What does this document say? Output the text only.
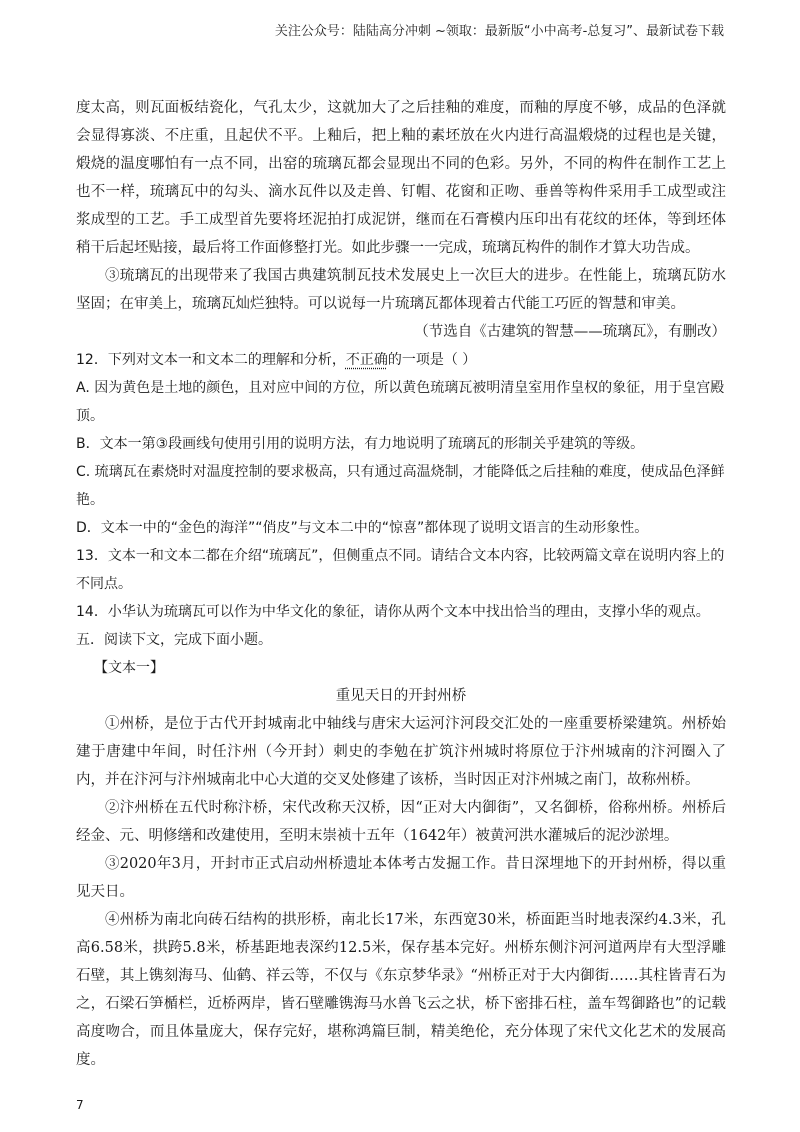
关注公众号：陆陆高分冲刺 ~领取：最新版“小中高考-总复习”、最新试卷下载

度太高，则瓦面板结瓷化，气孔太少，这就加大了之后挂釉的难度，而釉的厚度不够，成品的色泽就会显得寡淡、不庄重，且起伏不平。上釉后，把上釉的素坯放在火内进行高温煅烧的过程也是关键，煅烧的温度哪怕有一点不同，出窑的琉璃瓦都会显现出不同的色彩。另外，不同的构件在制作工艺上也不一样，琉璃瓦中的勾头、滴水瓦件以及走兽、钉帽、花窗和正吻、垂兽等构件采用手工成型或注浆成型的工艺。手工成型首先要将坯泥拍打成泥饼，继而在石膏模内压印出有花纹的坯体，等到坯体稍干后起坯贴接，最后将工作面修整打光。如此步骤一一完成，琉璃瓦构件的制作才算大功告成。

③琉璃瓦的出现带来了我国古典建筑制瓦技术发展史上一次巨大的进步。在性能上，琉璃瓦防水坚固；在审美上，琉璃瓦灿烂独特。可以说每一片琉璃瓦都体现着古代能工巧匠的智慧和审美。

（节选自《古建筑的智慧——琉璃瓦》，有删改）

12．下列对文本一和文本二的理解和分析，不正确的一项是（ ）

A. 因为黄色是土地的颜色，且对应中间的方位，所以黄色琉璃瓦被明清皇室用作皇权的象征，用于皇宫殿顶。

B．文本一第③段画线句使用引用的说明方法，有力地说明了琉璃瓦的形制关乎建筑的等级。

C. 琉璃瓦在素烧时对温度控制的要求极高，只有通过高温烧制，才能降低之后挂釉的难度，使成品色泽鲜艳。

D．文本一中的“金色的海洋”“俏皮”与文本二中的“惊喜”都体现了说明文语言的生动形象性。

13．文本一和文本二都在介绍“琉璃瓦”，但侧重点不同。请结合文本内容，比较两篇文章在说明内容上的不同点。

14．小华认为琉璃瓦可以作为中华文化的象征，请你从两个文本中找出恰当的理由，支撑小华的观点。

五．阅读下文，完成下面小题。

【文本一】

重见天日的开封州桥

①州桥，是位于古代开封城南北中轴线与唐宋大运河汴河段交汇处的一座重要桥梁建筑。州桥始建于唐建中年间，时任汴州（今开封）刺史的李勉在扩筑汴州城时将原位于汴州城南的汴河圈入了内，并在汴河与汴州城南北中心大道的交叉处修建了该桥，当时因正对汴州城之南门，故称州桥。

②汴州桥在五代时称汴桥，宋代改称天汉桥，因“正对大内御街”，又名御桥，俗称州桥。州桥后经金、元、明修缮和改建使用，至明末崇祯十五年（1642年）被黄河洪水灌城后的泥沙淤埋。

③2020年3月，开封市正式启动州桥遗址本体考古发掘工作。昔日深埋地下的开封州桥，得以重见天日。

④州桥为南北向砖石结构的拱形桥，南北长17米，东西宽30米，桥面距当时地表深约4.3米，孔高6.58米，拱跨5.8米，桥基距地表深约12.5米，保存基本完好。州桥东侧汴河河道两岸有大型浮雕石壁，其上镌刻海马、仙鹤、祥云等，不仅与《东京梦华录》“州桥正对于大内御街……其柱皆青石为之，石梁石笋楯栏，近桥两岸，皆石壁雕镌海马水兽飞云之状，桥下密排石柱，盖车驾御路也”的记载高度吻合，而且体量庞大，保存完好，堪称鸿篇巨制，精美绝伦，充分体现了宋代文化艺术的发展高度。

7
